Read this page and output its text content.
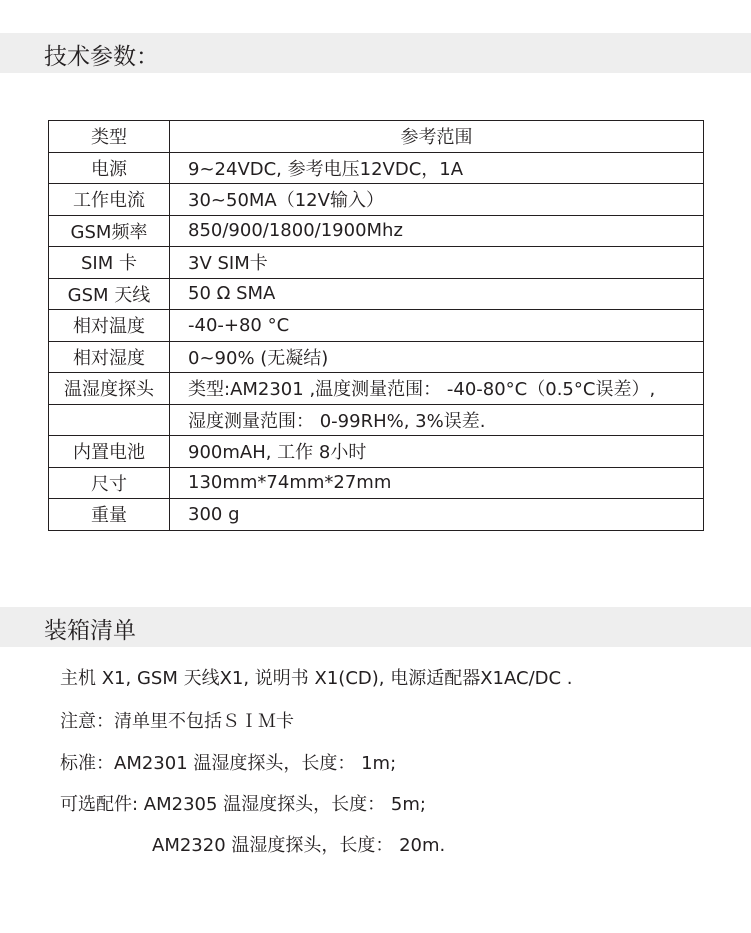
技术参数：
类型	参考范围
电源	9~24VDC, 参考电压12VDC，1A
工作电流	30~50MA（12V输入）
GSM频率	850/900/1800/1900Mhz
SIM 卡	3V SIM卡
GSM 天线	50 Ω SMA
相对温度	-40-+80 °C
相对湿度	0~90% (无凝结)
温湿度探头	类型:AM2301 ,温度测量范围： -40-80°C（0.5°C误差）,
	湿度测量范围： 0-99RH%, 3%误差.
内置电池	900mAH, 工作 8小时
尺寸	130mm*74mm*27mm
重量	300 g
装箱清单
主机 X1, GSM 天线X1, 说明书 X1(CD), 电源适配器X1AC/DC .
注意：清单里不包括ＳＩＭ卡
标准：AM2301 温湿度探头，长度： 1m;
可选配件: AM2305 温湿度探头，长度： 5m;
AM2320 温湿度探头，长度： 20m.
